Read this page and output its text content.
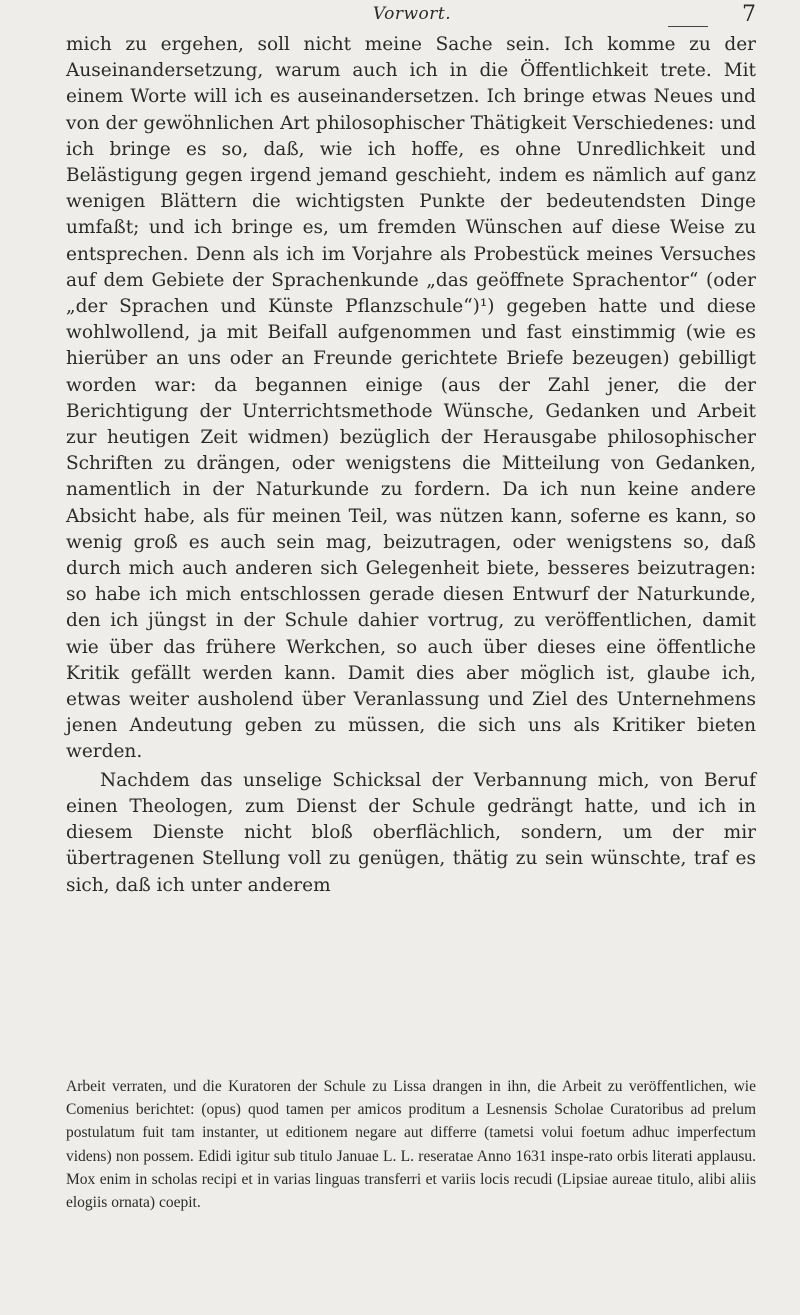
Vorwort.	7

mich zu ergehen, soll nicht meine Sache sein. Ich komme zu der Auseinandersetzung, warum auch ich in die Öffentlichkeit trete. Mit einem Worte will ich es auseinandersetzen. Ich bringe etwas Neues und von der gewöhnlichen Art philosophischer Thätigkeit Verschiedenes: und ich bringe es so, daß, wie ich hoffe, es ohne Unredlichkeit und Belästigung gegen irgend jemand geschieht, indem es nämlich auf ganz wenigen Blättern die wichtigsten Punkte der bedeutendsten Dinge umfaßt; und ich bringe es, um fremden Wünschen auf diese Weise zu entsprechen. Denn als ich im Vorjahre als Probestück meines Versuches auf dem Gebiete der Sprachenkunde „das geöffnete Sprachentor“ (oder „der Sprachen und Künste Pflanzschule“)¹) gegeben hatte und diese wohlwollend, ja mit Beifall aufgenommen und fast einstimmig (wie es hierüber an uns oder an Freunde gerichtete Briefe bezeugen) gebilligt worden war: da begannen einige (aus der Zahl jener, die der Berichtigung der Unterrichtsmethode Wünsche, Gedanken und Arbeit zur heutigen Zeit widmen) bezüglich der Herausgabe philosophischer Schriften zu drängen, oder wenigstens die Mitteilung von Gedanken, namentlich in der Naturkunde zu fordern. Da ich nun keine andere Absicht habe, als für meinen Teil, was nützen kann, soferne es kann, so wenig groß es auch sein mag, beizutragen, oder wenigstens so, daß durch mich auch anderen sich Gelegenheit biete, besseres beizutragen: so habe ich mich entschlossen gerade diesen Entwurf der Naturkunde, den ich jüngst in der Schule dahier vortrug, zu veröffentlichen, damit wie über das frühere Werkchen, so auch über dieses eine öffentliche Kritik gefällt werden kann. Damit dies aber möglich ist, glaube ich, etwas weiter ausholend über Veranlassung und Ziel des Unternehmens jenen Andeutung geben zu müssen, die sich uns als Kritiker bieten werden.

Nachdem das unselige Schicksal der Verbannung mich, von Beruf einen Theologen, zum Dienst der Schule gedrängt hatte, und ich in diesem Dienste nicht bloß oberflächlich, sondern, um der mir übertragenen Stellung voll zu genügen, thätig zu sein wünschte, traf es sich, daß ich unter anderem

Arbeit verraten, und die Kuratoren der Schule zu Lissa drangen in ihn, die Arbeit zu veröffentlichen, wie Comenius berichtet: (opus) quod tamen per amicos proditum a Lesnensis Scholae Curatoribus ad prelum postulatum fuit tam instanter, ut editionem negare aut differre (tametsi volui foetum adhuc imperfectum videns) non possem. Edidi igitur sub titulo Januae L. L. reseratae Anno 1631 inspe-rato orbis literati applausu. Mox enim in scholas recipi et in varias linguas transferri et variis locis recudi (Lipsiae aureae titulo, alibi aliis elogiis ornata) coepit.
